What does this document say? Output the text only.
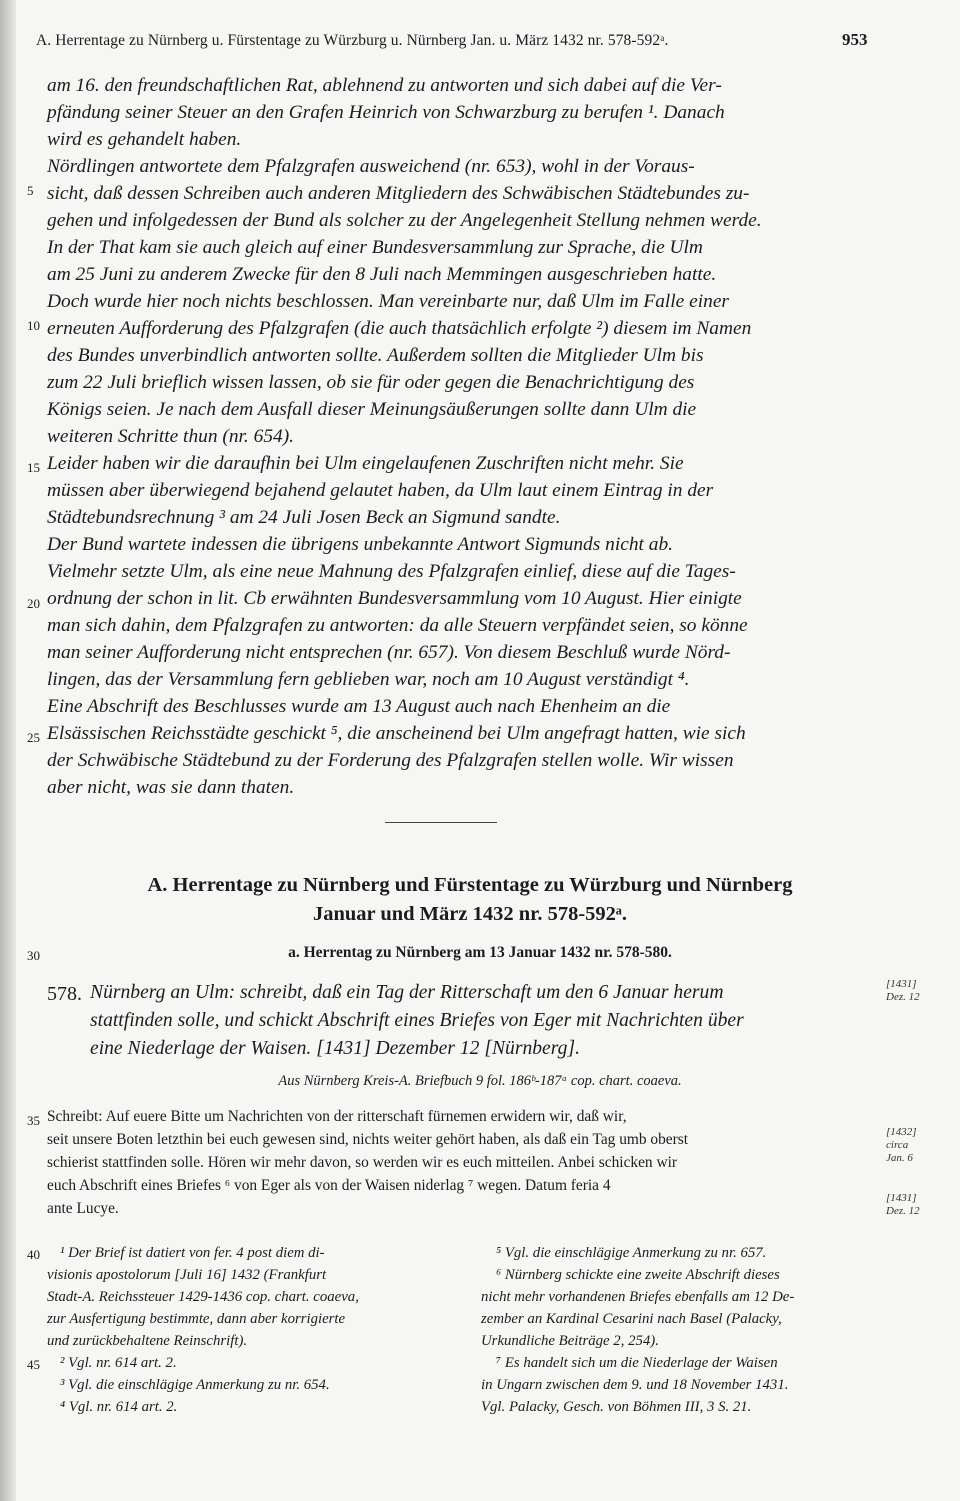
A. Herrentage zu Nürnberg u. Fürstentage zu Würzburg u. Nürnberg Jan. u. März 1432 nr. 578-592ᵃ.	953
am 16. den freundschaftlichen Rat, ablehnend zu antworten und sich dabei auf die Ver-
pfändung seiner Steuer an den Grafen Heinrich von Schwarzburg zu berufen ¹. Danach
wird es gehandelt haben.
Nördlingen antwortete dem Pfalzgrafen ausweichend (nr. 653), wohl in der Voraus-
5 sicht, daß dessen Schreiben auch anderen Mitgliedern des Schwäbischen Städtebundes zu-
gehen und infolgedessen der Bund als solcher zu der Angelegenheit Stellung nehmen werde.
In der That kam sie auch gleich auf einer Bundesversammlung zur Sprache, die Ulm
am 25 Juni zu anderem Zwecke für den 8 Juli nach Memmingen ausgeschrieben hatte.
Doch wurde hier noch nichts beschlossen. Man vereinbarte nur, daß Ulm im Falle einer
10 erneuten Aufforderung des Pfalzgrafen (die auch thatsächlich erfolgte ²) diesem im Namen
des Bundes unverbindlich antworten sollte. Außerdem sollten die Mitglieder Ulm bis
zum 22 Juli brieflich wissen lassen, ob sie für oder gegen die Benachrichtigung des
Königs seien. Je nach dem Ausfall dieser Meinungsäußerungen sollte dann Ulm die
weiteren Schritte thun (nr. 654).
15 Leider haben wir die daraufhin bei Ulm eingelaufenen Zuschriften nicht mehr. Sie
müssen aber überwiegend bejahend gelautet haben, da Ulm laut einem Eintrag in der
Städtebundsrechnung ³ am 24 Juli Josen Beck an Sigmund sandte.
Der Bund wartete indessen die übrigens unbekannte Antwort Sigmunds nicht ab.
Vielmehr setzte Ulm, als eine neue Mahnung des Pfalzgrafen einlief, diese auf die Tages-
20 ordnung der schon in lit. Cb erwähnten Bundesversammlung vom 10 August. Hier einigte
man sich dahin, dem Pfalzgrafen zu antworten: da alle Steuern verpfändet seien, so könne
man seiner Aufforderung nicht entsprechen (nr. 657). Von diesem Beschluß wurde Nörd-
lingen, das der Versammlung fern geblieben war, noch am 10 August verständigt ⁴.
Eine Abschrift des Beschlusses wurde am 13 August auch nach Ehenheim an die
25 Elsässischen Reichsstädte geschickt ⁵, die anscheinend bei Ulm angefragt hatten, wie sich
der Schwäbische Städtebund zu der Forderung des Pfalzgrafen stellen wolle. Wir wissen
aber nicht, was sie dann thaten.
A. Herrentage zu Nürnberg und Fürstentage zu Würzburg und Nürnberg
Januar und März 1432 nr. 578-592ᵃ.
30	a. Herrentag zu Nürnberg am 13 Januar 1432 nr. 578-580.
578. Nürnberg an Ulm: schreibt, daß ein Tag der Ritterschaft um den 6 Januar herum
stattfinden solle, und schickt Abschrift eines Briefes von Eger mit Nachrichten über
eine Niederlage der Waisen. [1431] Dezember 12 [Nürnberg].
[1431]
Dez. 12
Aus Nürnberg Kreis-A. Briefbuch 9 fol. 186ᵇ-187ᵃ cop. chart. coaeva.
35 Schreibt: Auf euere Bitte um Nachrichten von der ritterschaft fürnemen erwidern wir, daß wir,
seit unsere Boten letzthin bei euch gewesen sind, nichts weiter gehört haben, als daß ein Tag umb oberst
schierist stattfinden solle. Hören wir mehr davon, so werden wir es euch mitteilen. Anbei schicken wir
euch Abschrift eines Briefes ⁶ von Eger als von der Waisen niderlag ⁷ wegen. Datum feria 4
ante Lucye.
[1432]
circa
Jan. 6
[1431]
Dez. 12
40 ¹ Der Brief ist datiert von fer. 4 post diem di-
visionis apostolorum [Juli 16] 1432 (Frankfurt
Stadt-A. Reichssteuer 1429-1436 cop. chart. coaeva,
zur Ausfertigung bestimmte, dann aber korrigierte
und zurückbehaltene Reinschrift).
45 ² Vgl. nr. 614 art. 2.
³ Vgl. die einschlägige Anmerkung zu nr. 654.
⁴ Vgl. nr. 614 art. 2.
⁵ Vgl. die einschlägige Anmerkung zu nr. 657.
⁶ Nürnberg schickte eine zweite Abschrift dieses
nicht mehr vorhandenen Briefes ebenfalls am 12 De-
zember an Kardinal Cesarini nach Basel (Palacky,
Urkundliche Beiträge 2, 254).
⁷ Es handelt sich um die Niederlage der Waisen
in Ungarn zwischen dem 9. und 18 November 1431.
Vgl. Palacky, Gesch. von Böhmen III, 3 S. 21.
